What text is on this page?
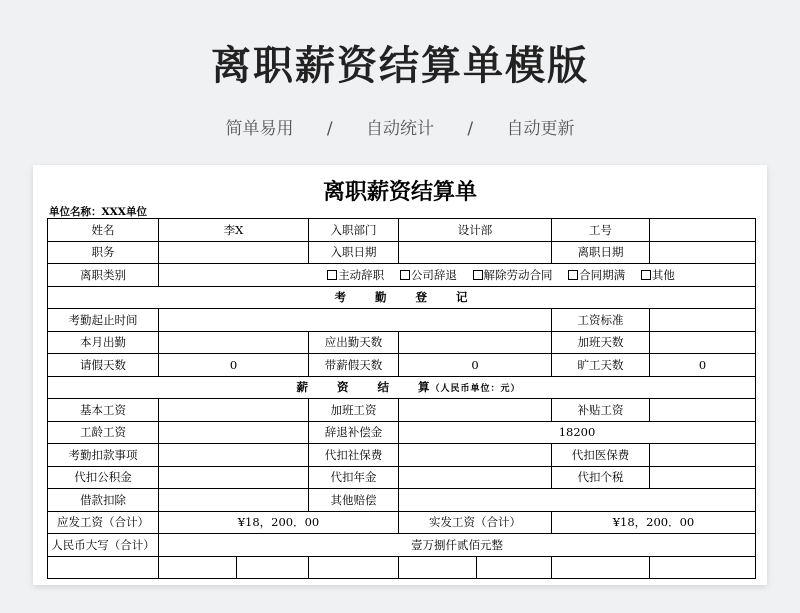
离职薪资结算单模版
简单易用 / 自动统计 / 自动更新
离职薪资结算单
单位名称：XXX单位
姓名	李X		入职部门	设计部		工号	
职务			入职日期			离职日期	
离职类别	主动辞职 公司辞退 解除劳动合同 合同期满 其他						
考 勤 登 记							
考勤起止时间						工资标准	
本月出勤			应出勤天数			加班天数	
请假天数	0		带薪假天数	0		旷工天数	0
薪 资 结 算（人民币单位：元）							
基本工资			加班工资			补贴工资	
工龄工资			辞退补偿金	18200			
考勤扣款事项			代扣社保费			代扣医保费	
代扣公积金			代扣年金			代扣个税	
借款扣除			其他赔偿				
应发工资（合计）	¥18，200．00			实发工资（合计）		¥18，200．00	
人民币大写（合计）	壹万捌仟贰佰元整						
